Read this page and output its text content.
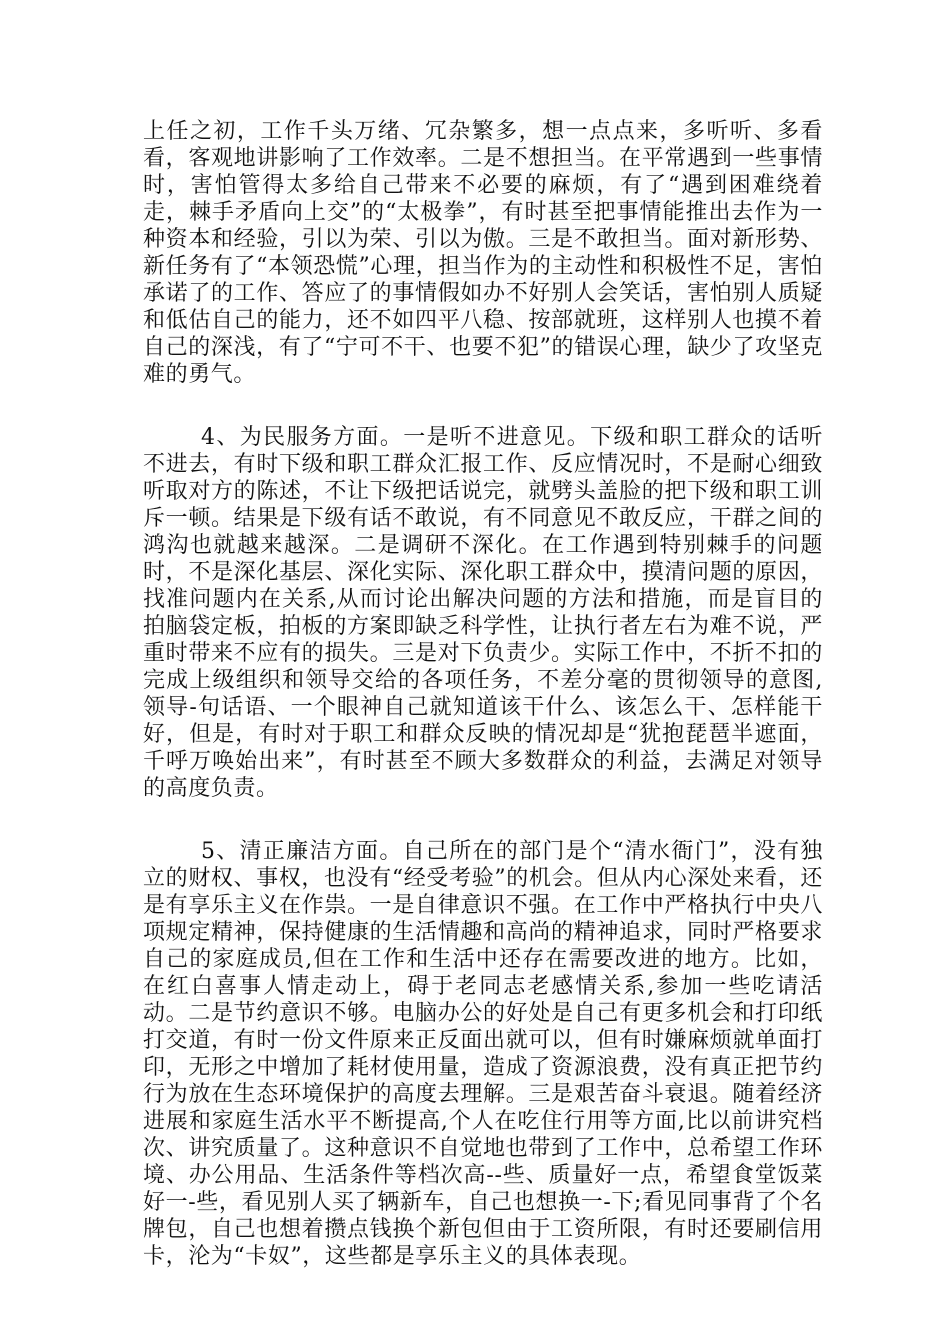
上任之初，工作千头万绪、冗杂繁多，想一点点来，多听听、多看看，客观地讲影响了工作效率。二是不想担当。在平常遇到一些事情时，害怕管得太多给自己带来不必要的麻烦，有了“遇到困难绕着走，棘手矛盾向上交”的“太极拳”，有时甚至把事情能推出去作为一种资本和经验，引以为荣、引以为傲。三是不敢担当。面对新形势、新任务有了“本领恐慌”心理，担当作为的主动性和积极性不足，害怕承诺了的工作、答应了的事情假如办不好别人会笑话，害怕别人质疑和低估自己的能力，还不如四平八稳、按部就班，这样别人也摸不着自己的深浅，有了“宁可不干、也要不犯”的错误心理，缺少了攻坚克难的勇气。

4、为民服务方面。一是听不进意见。下级和职工群众的话听不进去，有时下级和职工群众汇报工作、反应情况时，不是耐心细致听取对方的陈述，不让下级把话说完，就劈头盖脸的把下级和职工训斥一顿。结果是下级有话不敢说，有不同意见不敢反应，干群之间的鸿沟也就越来越深。二是调研不深化。在工作遇到特别棘手的问题时，不是深化基层、深化实际、深化职工群众中，摸清问题的原因，找准问题内在关系,从而讨论出解决问题的方法和措施，而是盲目的拍脑袋定板，拍板的方案即缺乏科学性，让执行者左右为难不说，严重时带来不应有的损失。三是对下负责少。实际工作中，不折不扣的完成上级组织和领导交给的各项任务，不差分毫的贯彻领导的意图,领导-句话语、一个眼神自己就知道该干什么、该怎么干、怎样能干好，但是，有时对于职工和群众反映的情况却是“犹抱琵琶半遮面，千呼万唤始出来”，有时甚至不顾大多数群众的利益，去满足对领导的高度负责。

5、清正廉洁方面。自己所在的部门是个“清水衙门”，没有独立的财权、事权，也没有“经受考验”的机会。但从内心深处来看，还是有享乐主义在作祟。一是自律意识不强。在工作中严格执行中央八项规定精神，保持健康的生活情趣和高尚的精神追求，同时严格要求自己的家庭成员,但在工作和生活中还存在需要改进的地方。比如，在红白喜事人情走动上，碍于老同志老感情关系,参加一些吃请活动。二是节约意识不够。电脑办公的好处是自己有更多机会和打印纸打交道，有时一份文件原来正反面出就可以，但有时嫌麻烦就单面打印，无形之中增加了耗材使用量，造成了资源浪费，没有真正把节约行为放在生态环境保护的高度去理解。三是艰苦奋斗衰退。随着经济进展和家庭生活水平不断提高,个人在吃住行用等方面,比以前讲究档次、讲究质量了。这种意识不自觉地也带到了工作中，总希望工作环境、办公用品、生活条件等档次高--些、质量好一点，希望食堂饭菜好一-些，看见别人买了辆新车，自己也想换一-下;看见同事背了个名牌包，自己也想着攒点钱换个新包但由于工资所限，有时还要刷信用卡，沦为“卡奴”，这些都是享乐主义的具体表现。
